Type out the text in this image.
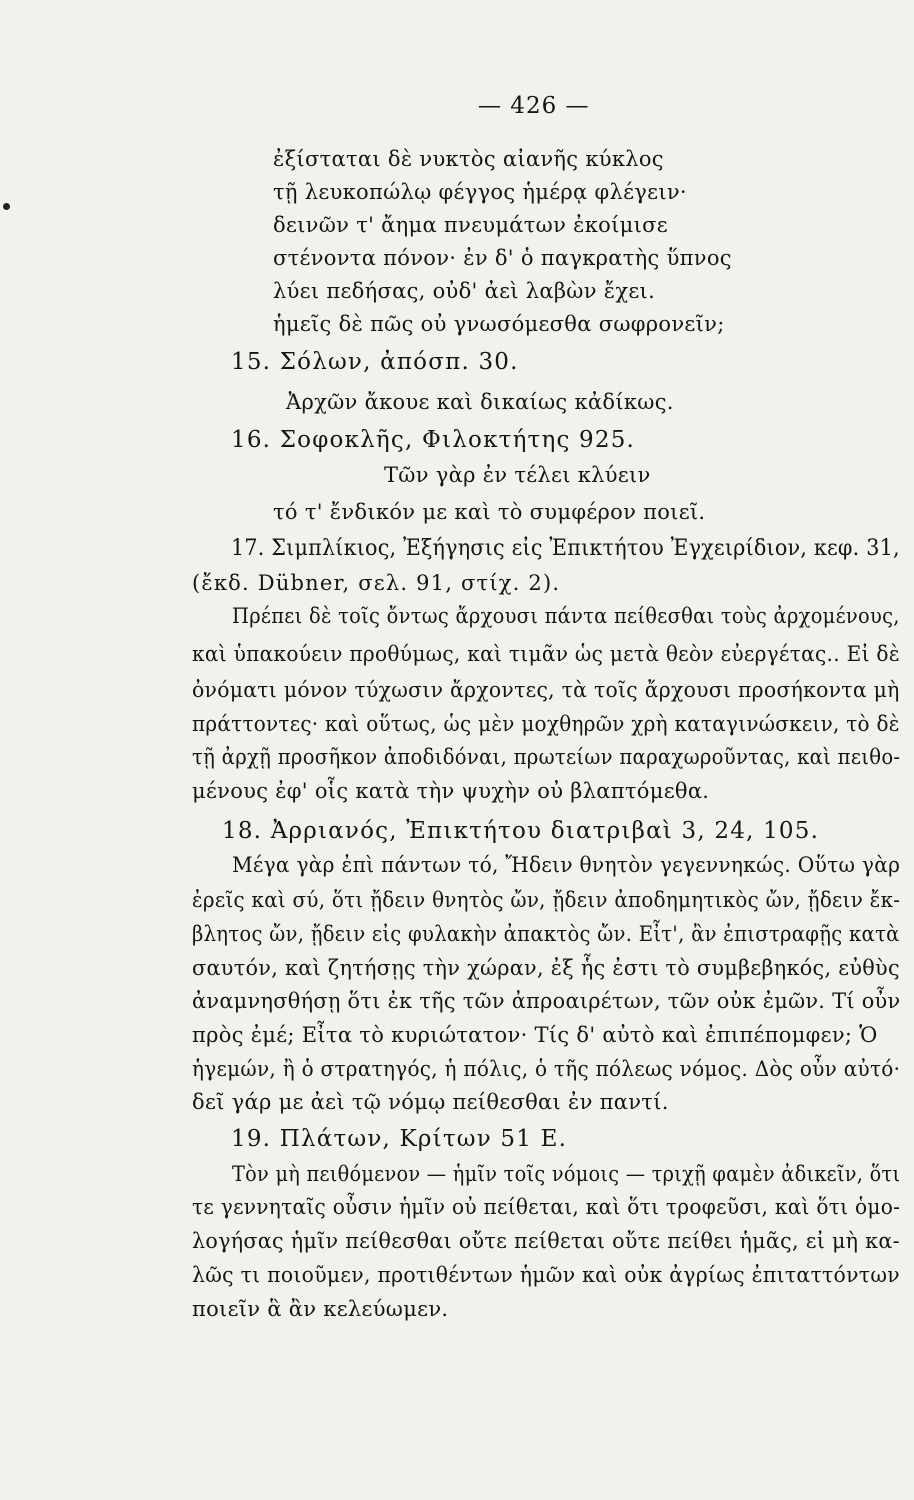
— 426 —
ἐξίσταται δὲ νυκτὸς αἰανῆς κύκλος
τῇ λευκοπώλῳ φέγγος ἡμέρᾳ φλέγειν·
δεινῶν τ' ἄημα πνευμάτων ἐκοίμισε
στένοντα πόνον· ἐν δ' ὁ παγκρατὴς ὕπνος
λύει πεδήσας, οὐδ' ἀεὶ λαβὼν ἔχει.
ἡμεῖς δὲ πῶς οὐ γνωσόμεσθα σωφρονεῖν;
15. Σόλων, ἀπόσπ. 30.
Ἀρχῶν ἄκουε καὶ δικαίως κἀδίκως.
16. Σοφοκλῆς, Φιλοκτήτης 925.
Τῶν γὰρ ἐν τέλει κλύειν
τό τ' ἔνδικόν με καὶ τὸ συμφέρον ποιεῖ.
17. Σιμπλίκιος, Ἐξήγησις εἰς Ἐπικτήτου Ἐγχειρίδιον, κεφ. 31,
(ἔκδ. Dübner, σελ. 91, στίχ. 2).
Πρέπει δὲ τοῖς ὄντως ἄρχουσι πάντα πείθεσθαι τοὺς ἀρχομένους,
καὶ ὑπακούειν προθύμως, καὶ τιμᾶν ὡς μετὰ θεὸν εὐεργέτας.. Εἰ δὲ
ὀνόματι μόνον τύχωσιν ἄρχοντες, τὰ τοῖς ἄρχουσι προσήκοντα μὴ
πράττοντες· καὶ οὕτως, ὡς μὲν μοχθηρῶν χρὴ καταγινώσκειν, τὸ δὲ
τῇ ἀρχῇ προσῆκον ἀποδιδόναι, πρωτείων παραχωροῦντας, καὶ πειθο-
μένους ἐφ' οἷς κατὰ τὴν ψυχὴν οὐ βλαπτόμεθα.
18. Ἀρριανός, Ἐπικτήτου διατριβαὶ 3, 24, 105.
Μέγα γὰρ ἐπὶ πάντων τό, Ἤδειν θνητὸν γεγεννηκώς. Οὕτω γὰρ
ἐρεῖς καὶ σύ, ὅτι ᾔδειν θνητὸς ὤν, ᾔδειν ἀποδημητικὸς ὤν, ᾔδειν ἔκ-
βλητος ὤν, ᾔδειν εἰς φυλακὴν ἀπακτὸς ὤν. Εἶτ', ἂν ἐπιστραφῇς κατὰ
σαυτόν, καὶ ζητήσῃς τὴν χώραν, ἐξ ἧς ἐστι τὸ συμβεβηκός, εὐθὺς
ἀναμνησθήσῃ ὅτι ἐκ τῆς τῶν ἀπροαιρέτων, τῶν οὐκ ἐμῶν. Τί οὖν
πρὸς ἐμέ; Εἶτα τὸ κυριώτατον· Τίς δ' αὐτὸ καὶ ἐπιπέπομφεν; Ὁ
ἡγεμών, ἢ ὁ στρατηγός, ἡ πόλις, ὁ τῆς πόλεως νόμος. Δὸς οὖν αὐτό·
δεῖ γάρ με ἀεὶ τῷ νόμῳ πείθεσθαι ἐν παντί.
19. Πλάτων, Κρίτων 51 Ε.
Τὸν μὴ πειθόμενον — ἡμῖν τοῖς νόμοις — τριχῇ φαμὲν ἀδικεῖν, ὅτι
τε γεννηταῖς οὖσιν ἡμῖν οὐ πείθεται, καὶ ὅτι τροφεῦσι, καὶ ὅτι ὁμο-
λογήσας ἡμῖν πείθεσθαι οὔτε πείθεται οὔτε πείθει ἡμᾶς, εἰ μὴ κα-
λῶς τι ποιοῦμεν, προτιθέντων ἡμῶν καὶ οὐκ ἀγρίως ἐπιταττόντων
ποιεῖν ἃ ἂν κελεύωμεν.
